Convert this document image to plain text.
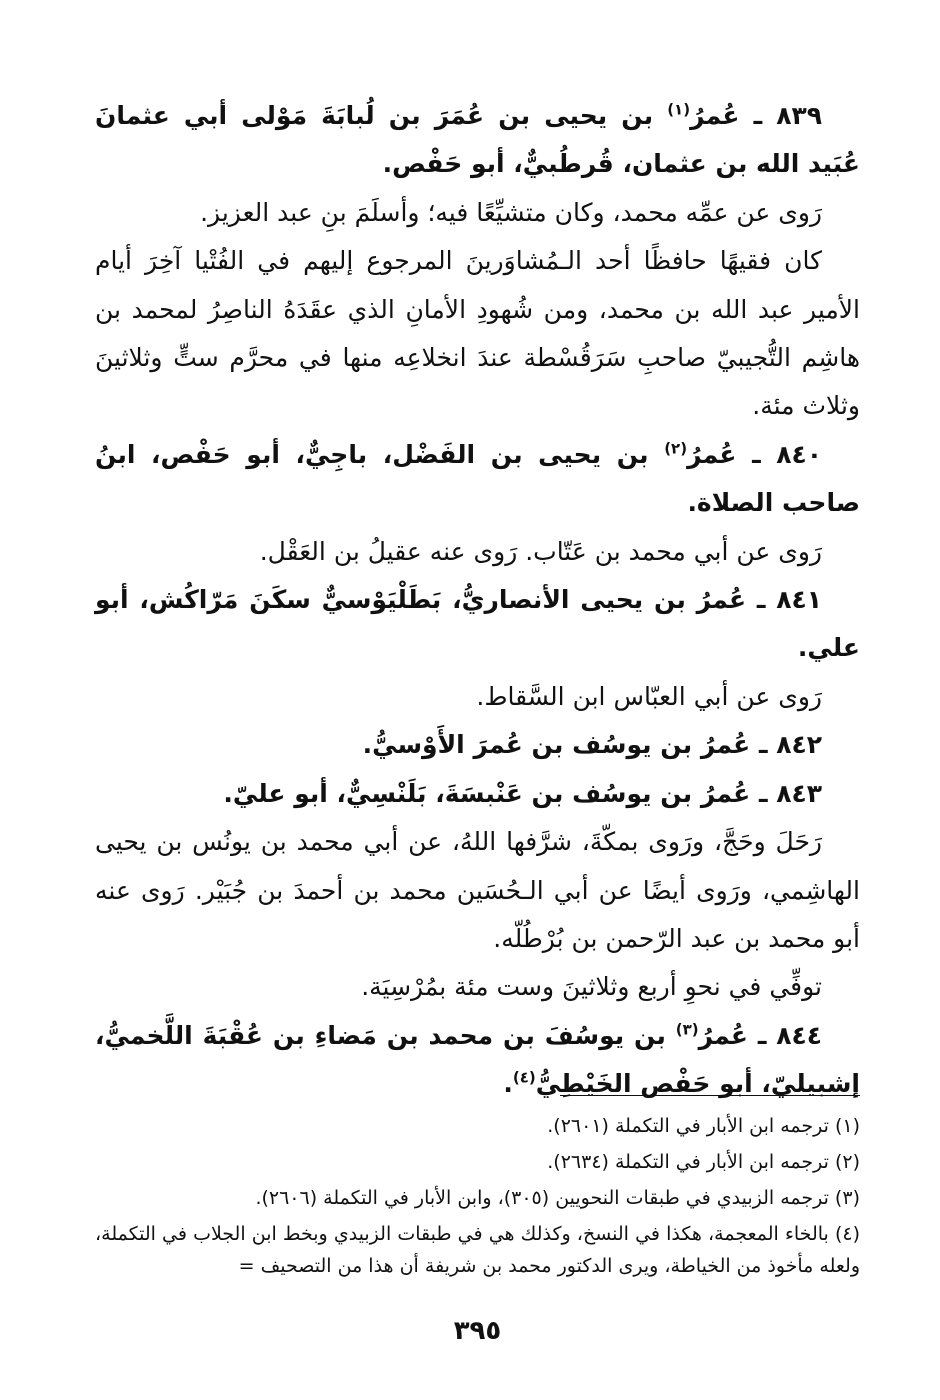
٨٣٩ ـ عُمرُ$^{(١)}$ بن يحيى بن عُمَرَ بن لُبابَةَ مَوْلى أبي عثمانَ عُبَيد الله بن عثمان، قُرطُبيٌّ، أبو حَفْص.

رَوى عن عمِّه محمد، وكان متشيِّعًا فيه؛ وأسلَمَ بنِ عبد العزيز.

كان فقيهًا حافظًا أحد الـمُشاوَرينَ المرجوع إليهم في الفُتْيا آخِرَ أيام الأمير عبد الله بن محمد، ومن شُهودِ الأمانِ الذي عقَدَهُ الناصِرُ لمحمد بن هاشِم التُّجيبيّ صاحبِ سَرَقُسْطة عندَ انخلاعِه منها في محرَّم ستٍّ وثلاثينَ وثلاث مئة.

٨٤٠ ـ عُمرُ$^{(٢)}$ بن يحيى بن الفَضْل، باجِيٌّ، أبو حَفْص، ابنُ صاحب الصلاة.

رَوى عن أبي محمد بن عَتّاب. رَوى عنه عقيلُ بن العَقْل.

٨٤١ ـ عُمرُ بن يحيى الأنصاريُّ، بَطَلْيَوْسيٌّ سكَنَ مَرّاكُش، أبو علي.

رَوى عن أبي العبّاس ابن السَّقاط.

٨٤٢ ـ عُمرُ بن يوسُف بن عُمرَ الأَوْسيُّ.

٨٤٣ ـ عُمرُ بن يوسُف بن عَنْبسَةَ، بَلَنْسِيٌّ، أبو عليّ.

رَحَلَ وحَجَّ، ورَوى بمكّةَ، شرَّفها اللهُ، عن أبي محمد بن يونُس بن يحيى الهاشِمي، ورَوى أيضًا عن أبي الـحُسَين محمد بن أحمدَ بن جُبَيْر. رَوى عنه أبو محمد بن عبد الرّحمن بن بُرْطُلّه.

توفِّي في نحوِ أربع وثلاثينَ وست مئة بمُرْسِيَة.

٨٤٤ ـ عُمرُ$^{(٣)}$ بن يوسُفَ بن محمد بن مَضاءِ بن عُقْبَةَ اللَّخميُّ، إشبيليّ، أبو حَفْص الخَيْطِيُّ$^{(٤)}$.

(١) ترجمه ابن الأبار في التكملة (٢٦٠١).

(٢) ترجمه ابن الأبار في التكملة (٢٦٣٤).

(٣) ترجمه الزبيدي في طبقات النحويين (٣٠٥)، وابن الأبار في التكملة (٢٦٠٦).

(٤) بالخاء المعجمة، هكذا في النسخ، وكذلك هي في طبقات الزبيدي وبخط ابن الجلاب في التكملة، ولعله مأخوذ من الخياطة، ويرى الدكتور محمد بن شريفة أن هذا من التصحيف =

٣٩٥
